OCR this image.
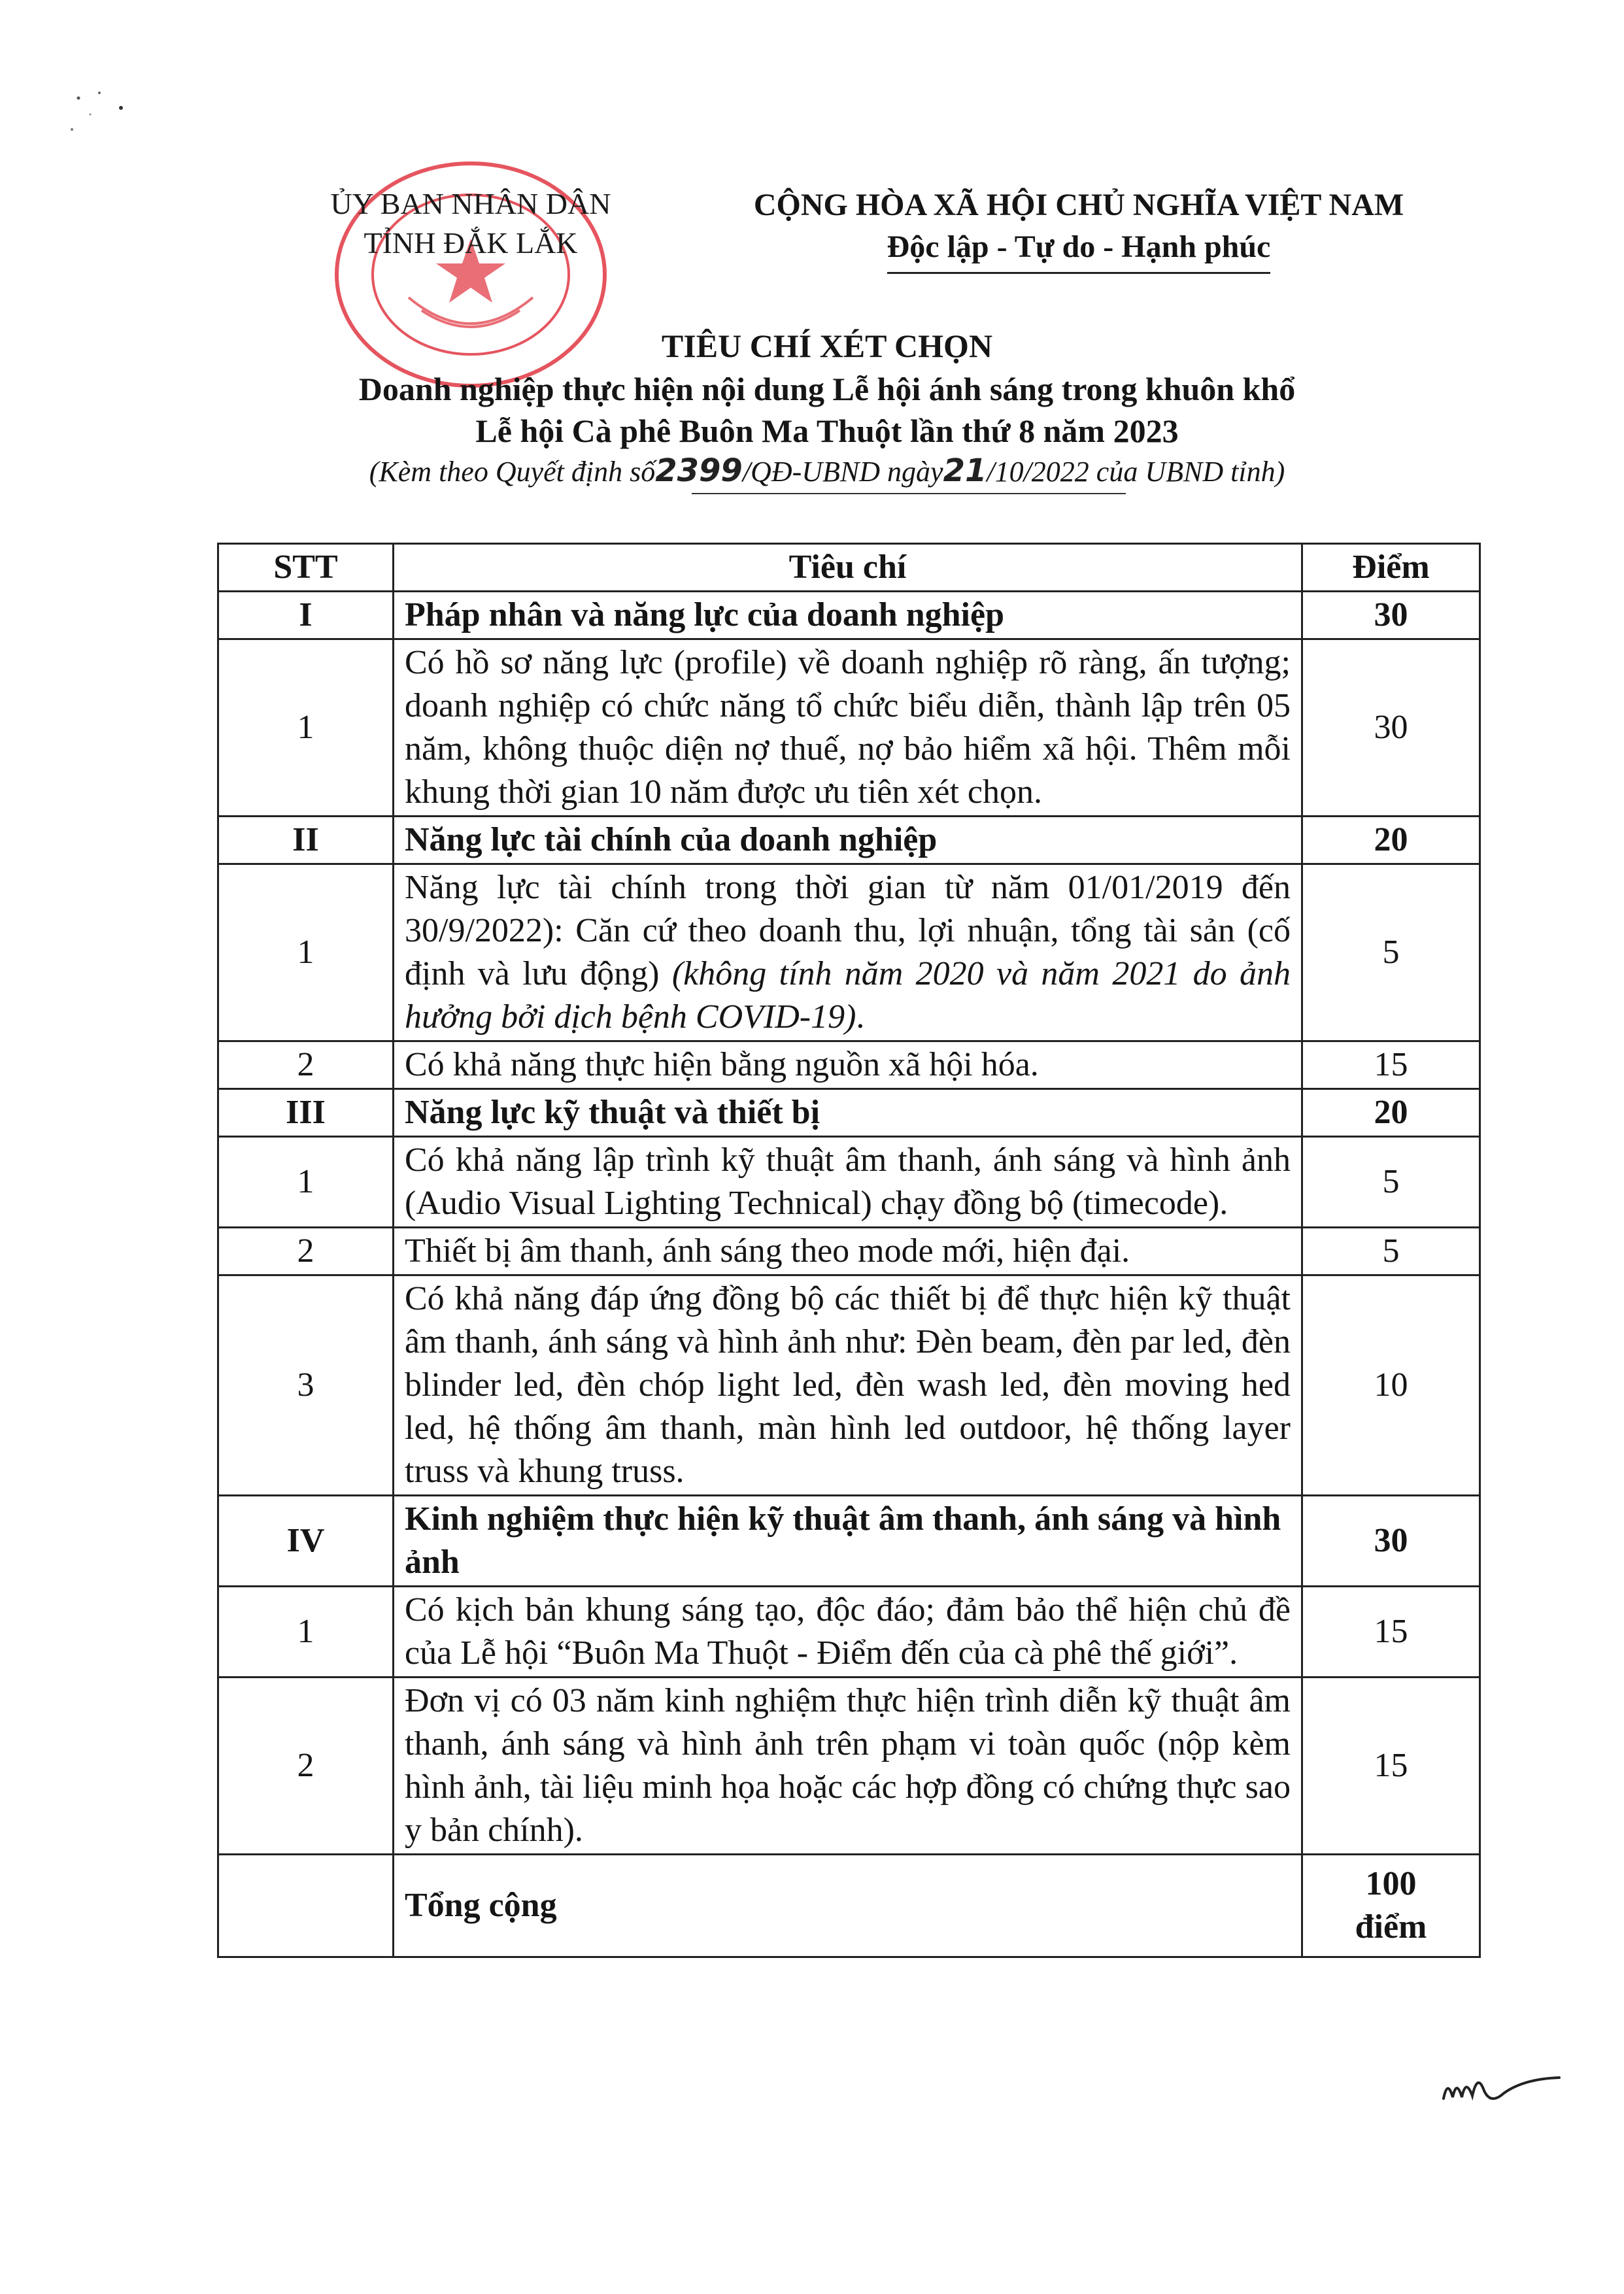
ỦY BAN NHÂN DÂN
TỈNH ĐẮK LẮK
CỘNG HÒA XÃ HỘI CHỦ NGHĨA VIỆT NAM
Độc lập - Tự do - Hạnh phúc
TIÊU CHÍ XÉT CHỌN
Doanh nghiệp thực hiện nội dung Lễ hội ánh sáng trong khuôn khổ
Lễ hội Cà phê Buôn Ma Thuột lần thứ 8 năm 2023
(Kèm theo Quyết định số2399/QĐ-UBND ngày21/10/2022 của UBND tỉnh)
STT	Tiêu chí	Điểm
I	Pháp nhân và năng lực của doanh nghiệp	30
1	Có hồ sơ năng lực (profile) về doanh nghiệp rõ ràng, ấn tượng; doanh nghiệp có chức năng tổ chức biểu diễn, thành lập trên 05 năm, không thuộc diện nợ thuế, nợ bảo hiểm xã hội. Thêm mỗi khung thời gian 10 năm được ưu tiên xét chọn.	30
II	Năng lực tài chính của doanh nghiệp	20
1	Năng lực tài chính trong thời gian từ năm 01/01/2019 đến 30/9/2022): Căn cứ theo doanh thu, lợi nhuận, tổng tài sản (cố định và lưu động) (không tính năm 2020 và năm 2021 do ảnh hưởng bởi dịch bệnh COVID-19).	5
2	Có khả năng thực hiện bằng nguồn xã hội hóa.	15
III	Năng lực kỹ thuật và thiết bị	20
1	Có khả năng lập trình kỹ thuật âm thanh, ánh sáng và hình ảnh (Audio Visual Lighting Technical) chạy đồng bộ (timecode).	5
2	Thiết bị âm thanh, ánh sáng theo mode mới, hiện đại.	5
3	Có khả năng đáp ứng đồng bộ các thiết bị để thực hiện kỹ thuật âm thanh, ánh sáng và hình ảnh như: Đèn beam, đèn par led, đèn blinder led, đèn chóp light led, đèn wash led, đèn moving hed led, hệ thống âm thanh, màn hình led outdoor, hệ thống layer truss và khung truss.	10
IV	Kinh nghiệm thực hiện kỹ thuật âm thanh, ánh sáng và hình ảnh	30
1	Có kịch bản khung sáng tạo, độc đáo; đảm bảo thể hiện chủ đề của Lễ hội “Buôn Ma Thuột - Điểm đến của cà phê thế giới”.	15
2	Đơn vị có 03 năm kinh nghiệm thực hiện trình diễn kỹ thuật âm thanh, ánh sáng và hình ảnh trên phạm vi toàn quốc (nộp kèm hình ảnh, tài liệu minh họa hoặc các hợp đồng có chứng thực sao y bản chính).	15
	Tổng cộng	100
điểm
